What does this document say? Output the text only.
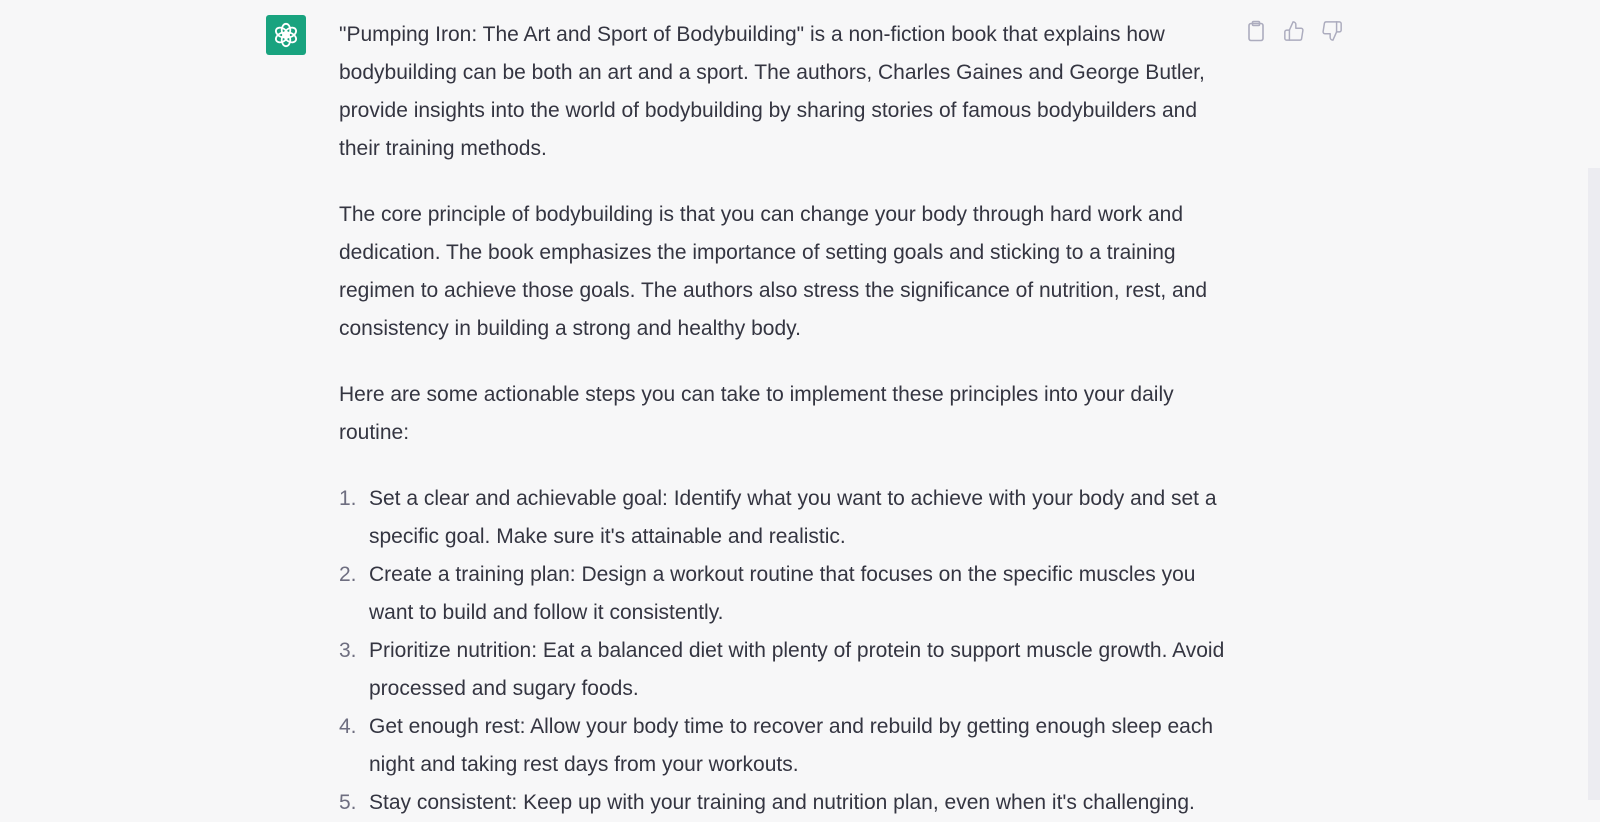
"Pumping Iron: The Art and Sport of Bodybuilding" is a non-fiction book that explains how bodybuilding can be both an art and a sport. The authors, Charles Gaines and George Butler, provide insights into the world of bodybuilding by sharing stories of famous bodybuilders and their training methods.

The core principle of bodybuilding is that you can change your body through hard work and dedication. The book emphasizes the importance of setting goals and sticking to a training regimen to achieve those goals. The authors also stress the significance of nutrition, rest, and consistency in building a strong and healthy body.

Here are some actionable steps you can take to implement these principles into your daily routine:

1. Set a clear and achievable goal: Identify what you want to achieve with your body and set a specific goal. Make sure it's attainable and realistic.
2. Create a training plan: Design a workout routine that focuses on the specific muscles you want to build and follow it consistently.
3. Prioritize nutrition: Eat a balanced diet with plenty of protein to support muscle growth. Avoid processed and sugary foods.
4. Get enough rest: Allow your body time to recover and rebuild by getting enough sleep each night and taking rest days from your workouts.
5. Stay consistent: Keep up with your training and nutrition plan, even when it's challenging.
